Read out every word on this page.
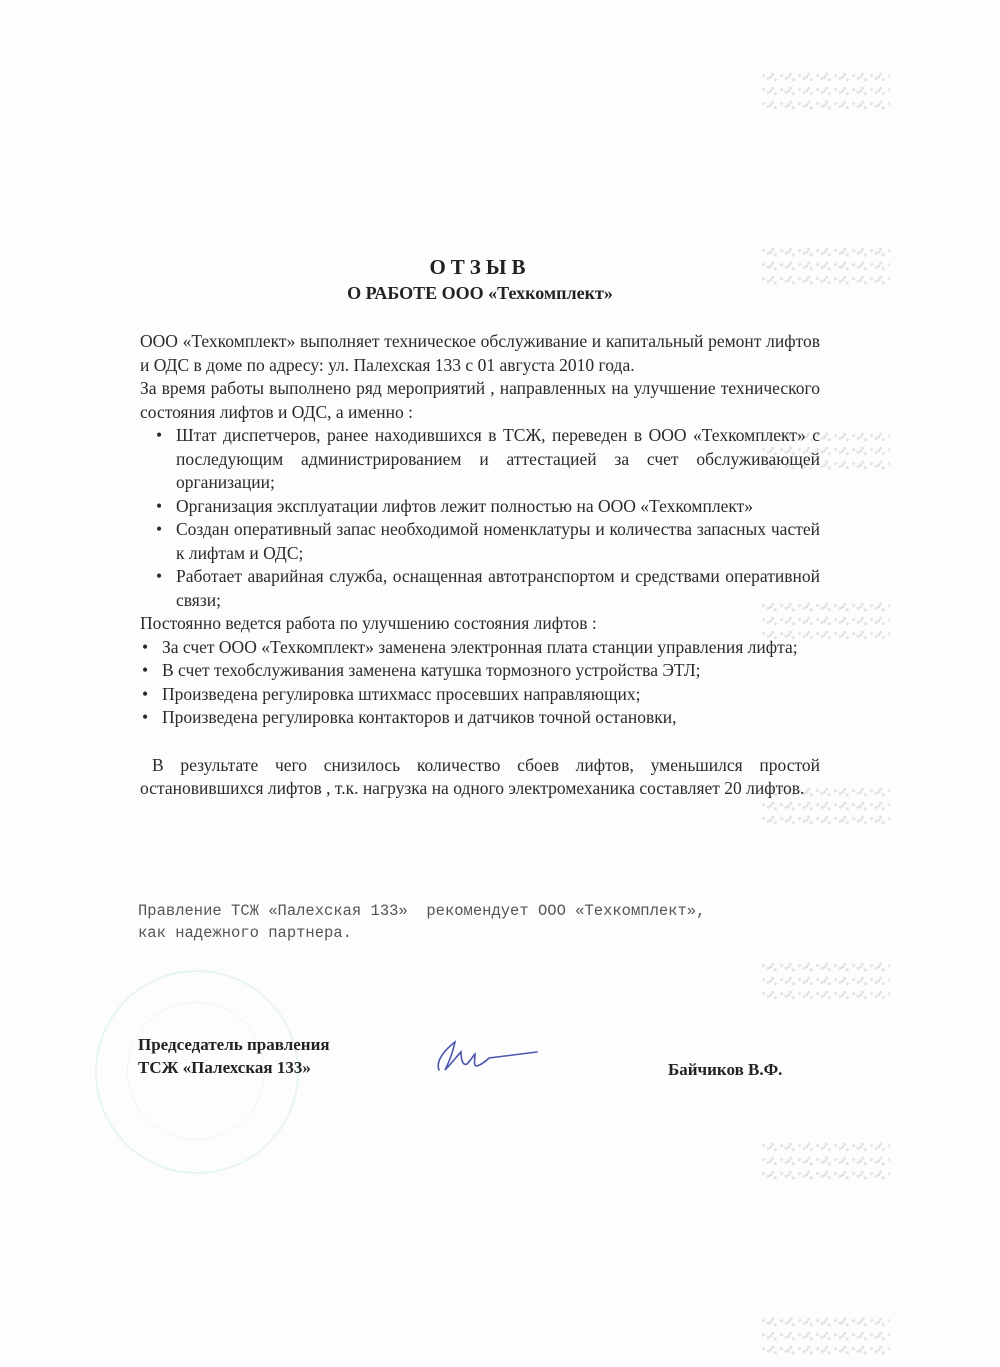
ОТЗЫВ
О РАБОТЕ ООО «Техкомплект»

ООО «Техкомплект» выполняет техническое обслуживание и капитальный ремонт лифтов и ОДС в доме по адресу: ул. Палехская 133 с 01 августа 2010 года.

За время работы выполнено ряд мероприятий , направленных на улучшение технического состояния лифтов и ОДС, а именно :

• Штат диспетчеров, ранее находившихся в ТСЖ, переведен в ООО «Техкомплект» с последующим администрированием и аттестацией за счет обслуживающей организации;
• Организация эксплуатации лифтов лежит полностью на ООО «Техкомплект»
• Создан оперативный запас необходимой номенклатуры и количества запасных частей к лифтам и ОДС;
• Работает аварийная служба, оснащенная автотранспортом и средствами оперативной связи;

Постоянно ведется работа по улучшению состояния лифтов :

• За счет ООО «Техкомплект» заменена электронная плата станции управления лифта;
• В счет техобслуживания заменена катушка тормозного устройства ЭТЛ;
• Произведена регулировка штихмасс просевших направляющих;
• Произведена регулировка контакторов и датчиков точной остановки,

В результате чего снизилось количество сбоев лифтов, уменьшился простой остановившихся лифтов , т.к. нагрузка на одного электромеханика составляет 20 лифтов.

Правление ТСЖ «Палехская 133»  рекомендует ООО «Техкомплект»,
как надежного партнера.
Председатель правления
ТСЖ «Палехская 133»	Байчиков В.Ф.
